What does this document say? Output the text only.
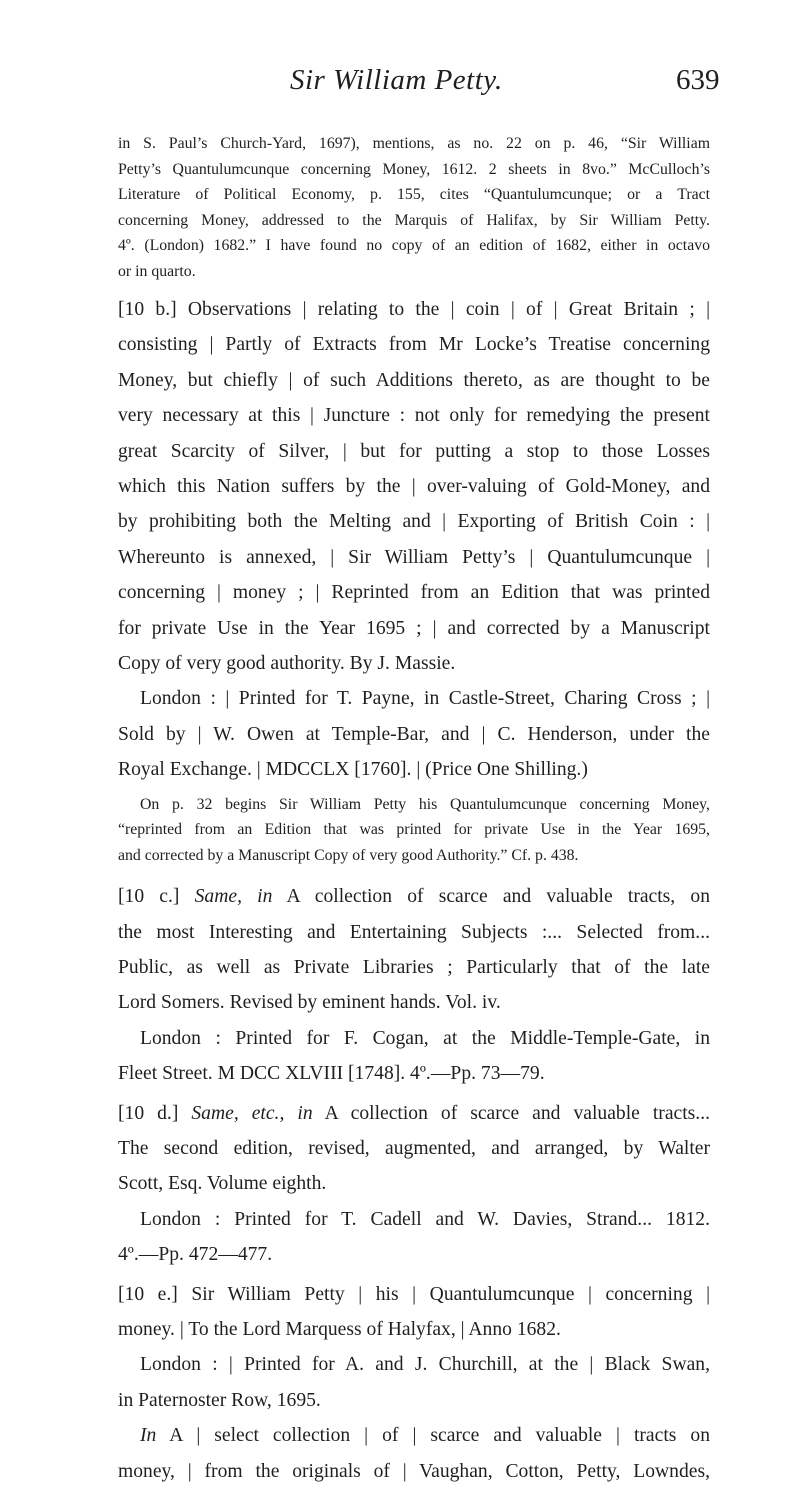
Sir William Petty.	639
in S. Paul’s Church-Yard, 1697), mentions, as no. 22 on p. 46, “Sir William
Petty’s Quantulumcunque concerning Money, 1612. 2 sheets in 8vo.” McCulloch’s
Literature of Political Economy, p. 155, cites “Quantulumcunque; or a Tract
concerning Money, addressed to the Marquis of Halifax, by Sir William Petty.
4º. (London) 1682.” I have found no copy of an edition of 1682, either in octavo
or in quarto.
[10 b.] Observations | relating to the | coin | of | Great Britain ; |
consisting | Partly of Extracts from Mr Locke’s Treatise concerning
Money, but chiefly | of such Additions thereto, as are thought to be
very necessary at this | Juncture : not only for remedying the present
great Scarcity of Silver, | but for putting a stop to those Losses
which this Nation suffers by the | over-valuing of Gold-Money, and
by prohibiting both the Melting and | Exporting of British Coin : |
Whereunto is annexed, | Sir William Petty’s | Quantulumcunque |
concerning | money ; | Reprinted from an Edition that was printed
for private Use in the Year 1695 ; | and corrected by a Manuscript
Copy of very good authority. By J. Massie.
London : | Printed for T. Payne, in Castle-Street, Charing Cross ; |
Sold by | W. Owen at Temple-Bar, and | C. Henderson, under the
Royal Exchange. | MDCCLX [1760]. | (Price One Shilling.)
On p. 32 begins Sir William Petty his Quantulumcunque concerning Money,
“reprinted from an Edition that was printed for private Use in the Year 1695,
and corrected by a Manuscript Copy of very good Authority.” Cf. p. 438.
[10 c.] Same, in A collection of scarce and valuable tracts, on
the most Interesting and Entertaining Subjects :... Selected from...
Public, as well as Private Libraries ; Particularly that of the late
Lord Somers. Revised by eminent hands. Vol. iv.
London : Printed for F. Cogan, at the Middle-Temple-Gate, in
Fleet Street. M DCC XLVIII [1748]. 4º.—Pp. 73—79.
[10 d.] Same, etc., in A collection of scarce and valuable tracts...
The second edition, revised, augmented, and arranged, by Walter
Scott, Esq. Volume eighth.
London : Printed for T. Cadell and W. Davies, Strand... 1812.
4º.—Pp. 472—477.
[10 e.] Sir William Petty | his | Quantulumcunque | concerning |
money. | To the Lord Marquess of Halyfax, | Anno 1682.
London : | Printed for A. and J. Churchill, at the | Black Swan,
in Paternoster Row, 1695.
In A | select collection | of | scarce and valuable | tracts on
money, | from the originals of | Vaughan, Cotton, Petty, Lowndes,
